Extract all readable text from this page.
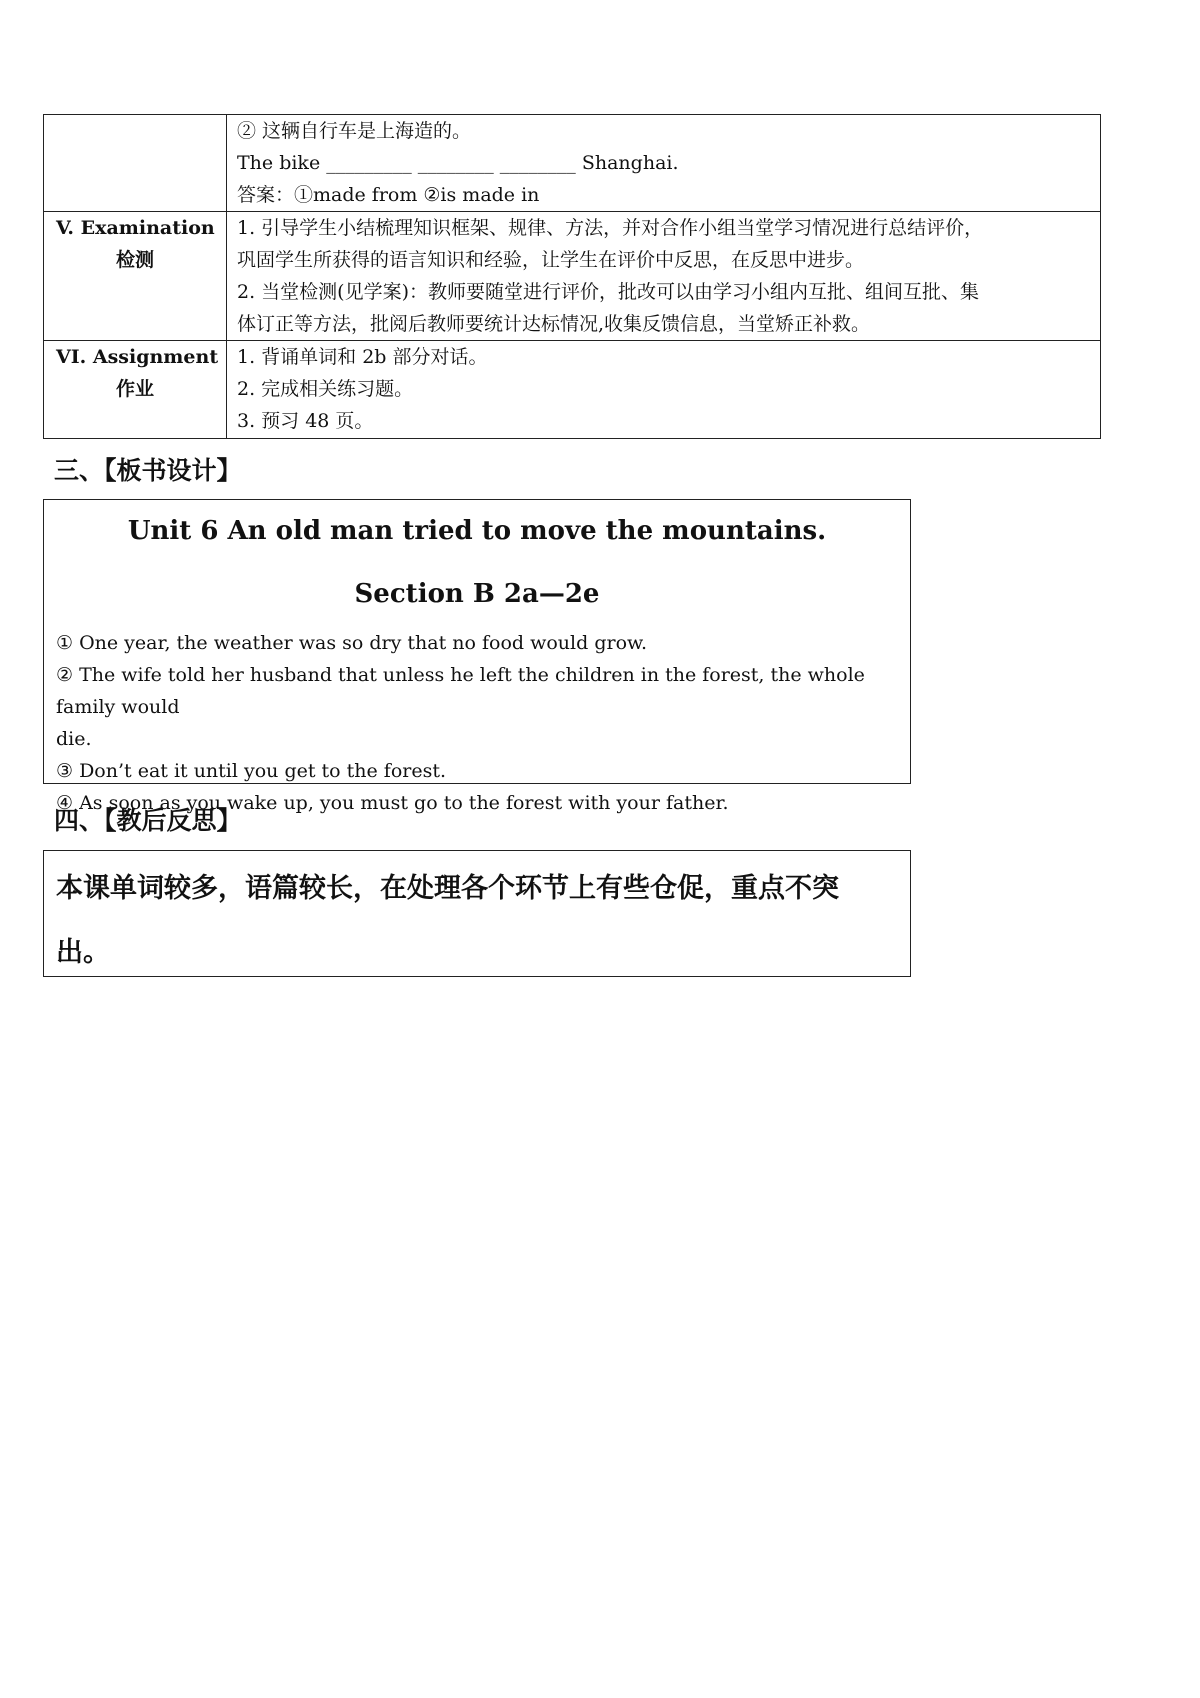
	② 这辆自行车是上海造的。
The bike _________ ________ ________ Shanghai.
答案：①made from ②is made in

V. Examination
检测	1. 引导学生小结梳理知识框架、规律、方法，并对合作小组当堂学习情况进行总结评价，
巩固学生所获得的语言知识和经验，让学生在评价中反思，在反思中进步。
2. 当堂检测(见学案)：教师要随堂进行评价，批改可以由学习小组内互批、组间互批、集
体订正等方法，批阅后教师要统计达标情况,收集反馈信息，当堂矫正补救。

VI. Assignment
作业	1. 背诵单词和 2b 部分对话。
2. 完成相关练习题。
3. 预习 48 页。
三、【板书设计】
Unit 6 An old man tried to move the mountains.
Section B 2a—2e
① One year, the weather was so dry that no food would grow.
② The wife told her husband that unless he left the children in the forest, the whole family would
die.
③ Don’t eat it until you get to the forest.
④ As soon as you wake up, you must go to the forest with your father.
四、【教后反思】
本课单词较多，语篇较长，在处理各个环节上有些仓促，重点不突
出。
